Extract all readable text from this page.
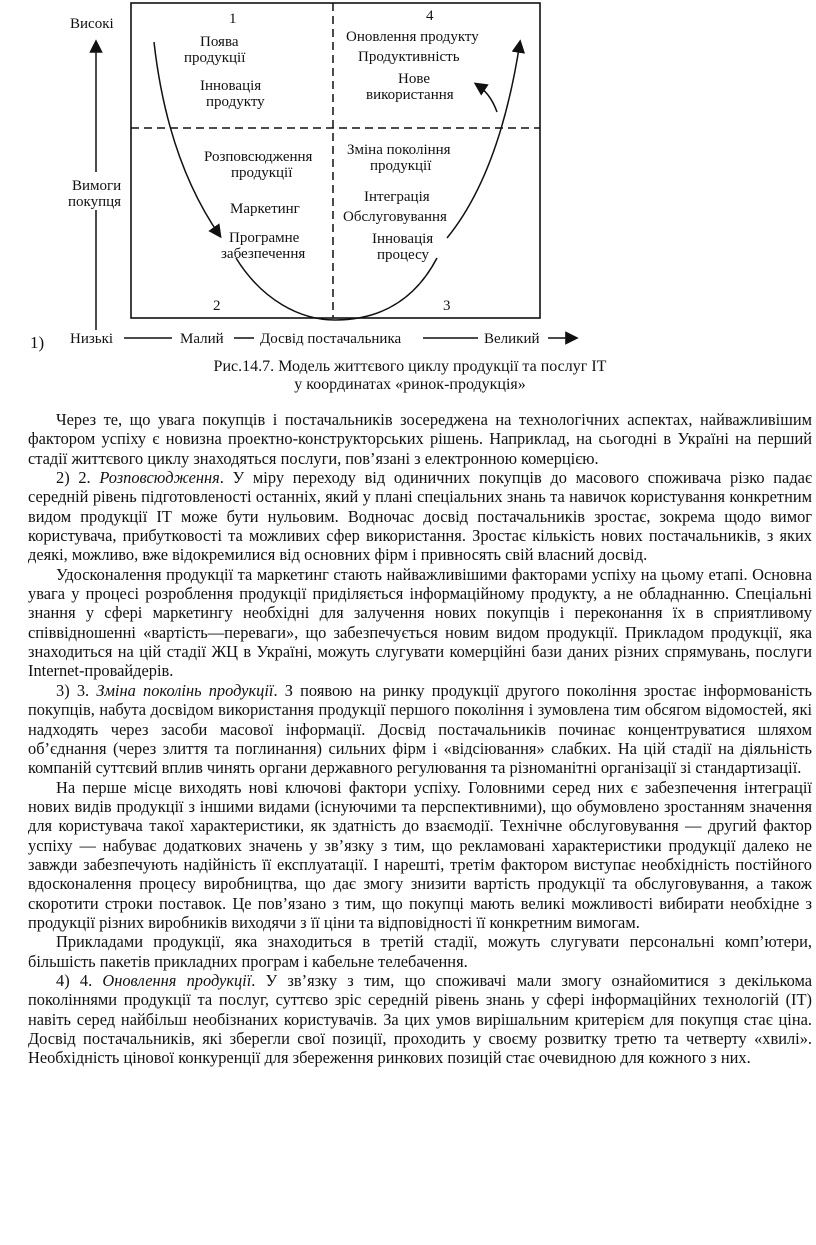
Високі
Вимоги
покупця
1) Низькі	Малий Досвід постачальника	Великий
1	4
2	3
Поява
продукції
Інновація
продукту
Оновлення продукту
Продуктивність
Нове
використання
Розповсюдження
продукції
Маркетинг
Програмне
забезпечення
Зміна покоління
продукції
Інтеграція
Обслуговування
Інновація
процесу
Рис.14.7. Модель життєвого циклу продукції та послуг ІТ
у координатах «ринок-продукція»

Через те, що увага покупців і постачальників зосереджена на технологічних аспектах, найважливішим фактором успіху є новизна проектно-конструкторських рішень. Наприклад, на сьогодні в Україні на перший стадії життєвого циклу знаходяться послуги, пов’язані з електронною комерцією.

2) 2. Розповсюдження. У міру переходу від одиничних покупців до масового споживача різко падає середній рівень підготовленості останніх, який у плані спеціальних знань та навичок користування конкретним видом продукції ІТ може бути нульовим. Водночас досвід постачальників зростає, зокрема щодо вимог користувача, прибутковості та можливих сфер використання. Зростає кількість нових постачальників, з яких деякі, можливо, вже відокремилися від основних фірм і привносять свій власний досвід.

Удосконалення продукції та маркетинг стають найважливішими факторами успіху на цьому етапі. Основна увага у процесі розроблення продукції приділяється інформаційному продукту, а не обладнанню. Спеціальні знання у сфері маркетингу необхідні для залучення нових покупців і переконання їх в сприятливому співвідношенні «вартість—переваги», що забезпечується новим видом продукції. Прикладом продукції, яка знаходиться на цій стадії ЖЦ в Україні, можуть слугувати комерційні бази даних різних спрямувань, послуги Internet-провайдерів.

3) 3. Зміна поколінь продукції. З появою на ринку продукції другого покоління зростає інформованість покупців, набута досвідом використання продукції першого покоління і зумовлена тим обсягом відомостей, які надходять через засоби масової інформації. Досвід постачальників починає концентруватися шляхом об’єднання (через злиття та поглинання) сильних фірм і «відсіювання» слабких. На цій стадії на діяльність компаній суттєвий вплив чинять органи державного регулювання та різноманітні організації зі стандартизації.

На перше місце виходять нові ключові фактори успіху. Головними серед них є забезпечення інтеграції нових видів продукції з іншими видами (існуючими та перспективними), що обумовлено зростанням значення для користувача такої характеристики, як здатність до взаємодії. Технічне обслуговування — другий фактор успіху — набуває додаткових значень у зв’язку з тим, що рекламовані характеристики продукції далеко не завжди забезпечують надійність її експлуатації. І нарешті, третім фактором виступає необхідність постійного вдосконалення процесу виробництва, що дає змогу знизити вартість продукції та обслуговування, а також скоротити строки поставок. Це пов’язано з тим, що покупці мають великі можливості вибирати необхідне з продукції різних виробників виходячи з її ціни та відповідності її конкретним вимогам.

Прикладами продукції, яка знаходиться в третій стадії, можуть слугувати персональні комп’ютери, більшість пакетів прикладних програм і кабельне телебачення.

4) 4. Оновлення продукції. У зв’язку з тим, що споживачі мали змогу ознайомитися з декількома поколіннями продукції та послуг, суттєво зріс середній рівень знань у сфері інформаційних технологій (ІТ) навіть серед найбільш необізнаних користувачів. За цих умов вирішальним критерієм для покупця стає ціна. Досвід постачальників, які зберегли свої позиції, проходить у своєму розвитку третю та четверту «хвилі». Необхідність цінової конкуренції для збереження ринкових позицій стає очевидною для кожного з них.
